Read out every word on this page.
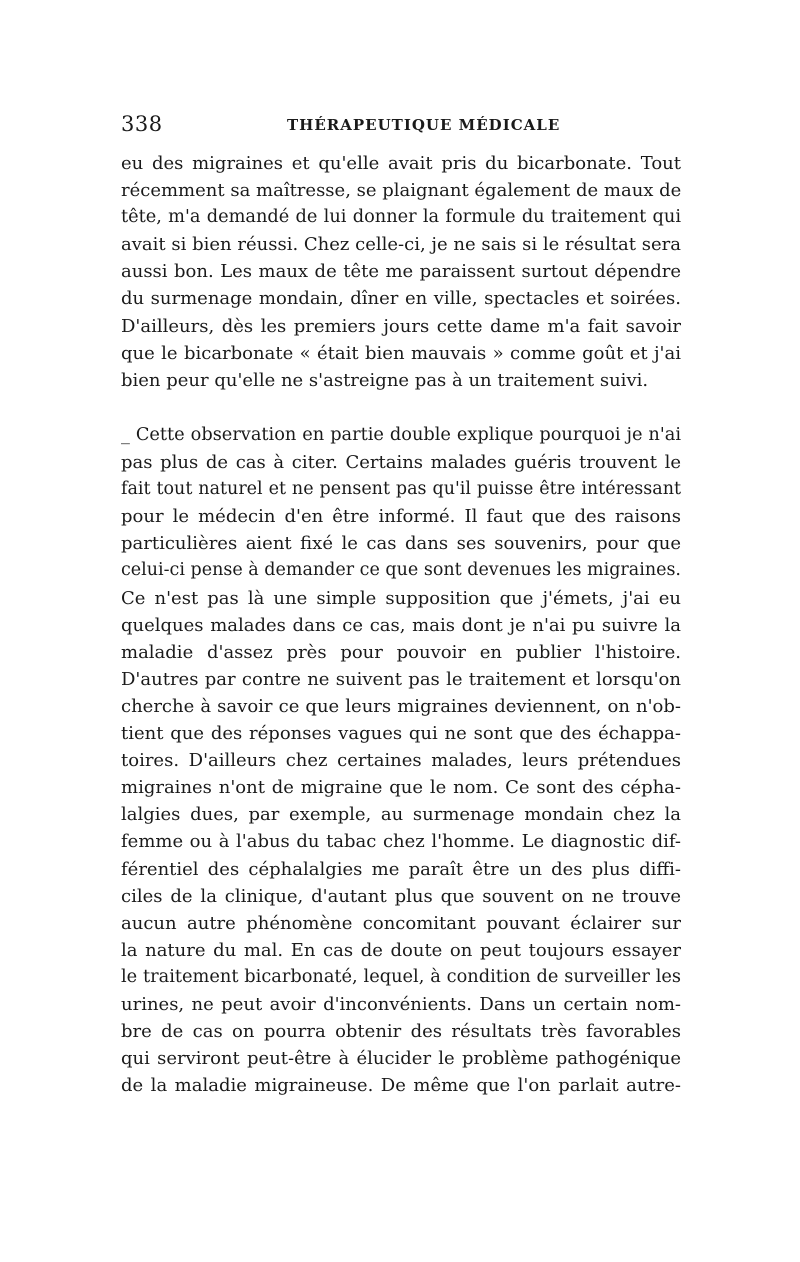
338	THÉRAPEUTIQUE MÉDICALE

eu des migraines et qu'elle avait pris du bicarbonate. Tout
récemment sa maîtresse, se plaignant également de maux de
tête, m'a demandé de lui donner la formule du traitement qui
avait si bien réussi. Chez celle-ci, je ne sais si le résultat sera
aussi bon. Les maux de tête me paraissent surtout dépendre
du surmenage mondain, dîner en ville, spectacles et soirées.
D'ailleurs, dès les premiers jours cette dame m'a fait savoir
que le bicarbonate « était bien mauvais » comme goût et j'ai
bien peur qu'elle ne s'astreigne pas à un traitement suivi.

_ Cette observation en partie double explique pourquoi je n'ai
pas plus de cas à citer. Certains malades guéris trouvent le
fait tout naturel et ne pensent pas qu'il puisse être intéressant
pour le médecin d'en être informé. Il faut que des raisons
particulières aient fixé le cas dans ses souvenirs, pour que
celui-ci pense à demander ce que sont devenues les migraines.
Ce n'est pas là une simple supposition que j'émets, j'ai eu
quelques malades dans ce cas, mais dont je n'ai pu suivre la
maladie d'assez près pour pouvoir en publier l'histoire.
D'autres par contre ne suivent pas le traitement et lorsqu'on
cherche à savoir ce que leurs migraines deviennent, on n'ob-
tient que des réponses vagues qui ne sont que des échappa-
toires. D'ailleurs chez certaines malades, leurs prétendues
migraines n'ont de migraine que le nom. Ce sont des cépha-
lalgies dues, par exemple, au surmenage mondain chez la
femme ou à l'abus du tabac chez l'homme. Le diagnostic dif-
férentiel des céphalalgies me paraît être un des plus diffi-
ciles de la clinique, d'autant plus que souvent on ne trouve
aucun autre phénomène concomitant pouvant éclairer sur
la nature du mal. En cas de doute on peut toujours essayer
le traitement bicarbonaté, lequel, à condition de surveiller les
urines, ne peut avoir d'inconvénients. Dans un certain nom-
bre de cas on pourra obtenir des résultats très favorables
qui serviront peut-être à élucider le problème pathogénique
de la maladie migraineuse. De même que l'on parlait autre-
